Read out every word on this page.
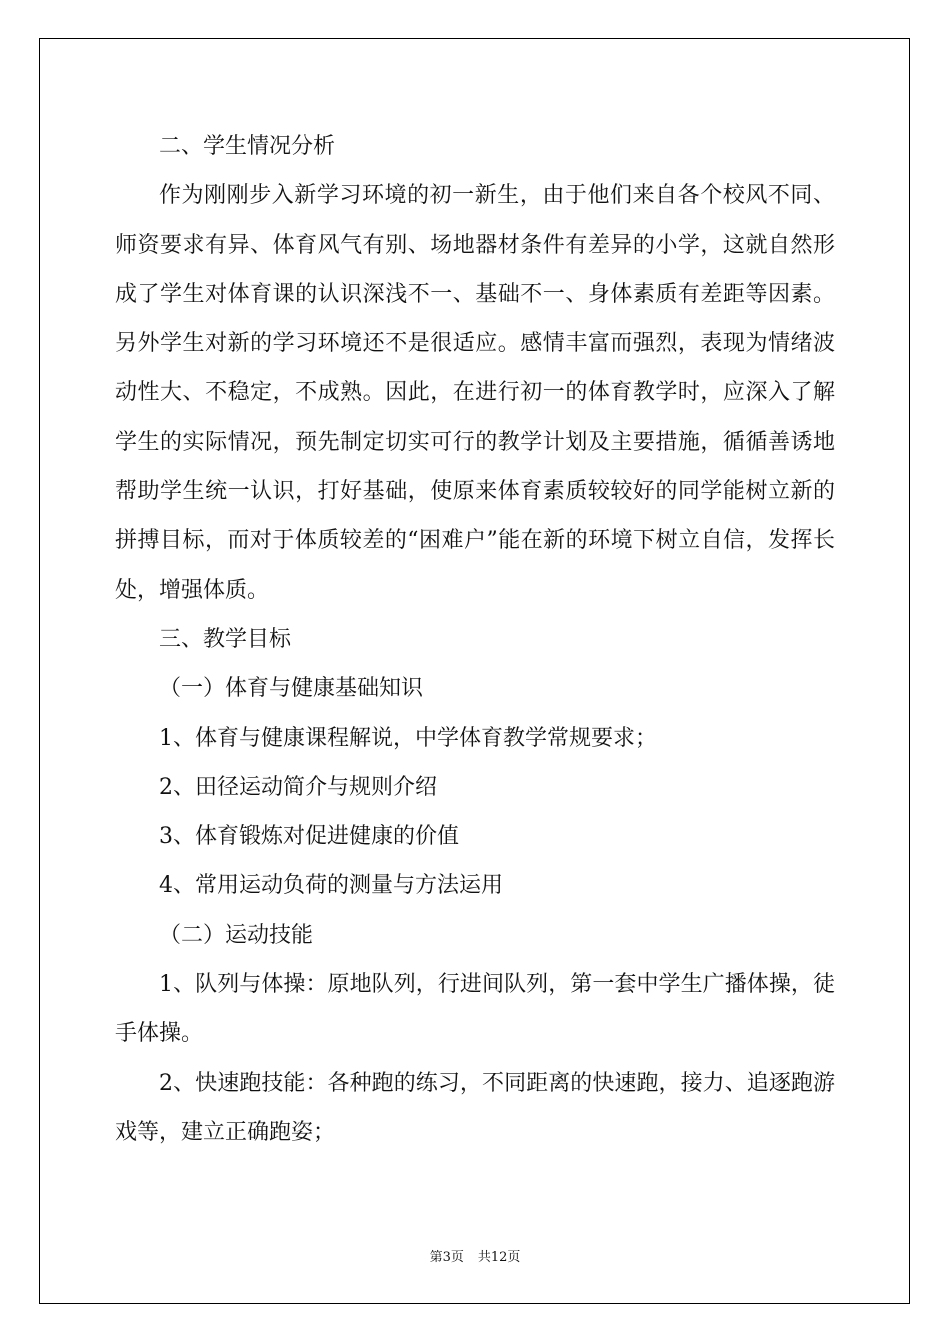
二、学生情况分析

作为刚刚步入新学习环境的初一新生，由于他们来自各个校风不同、师资要求有异、体育风气有别、场地器材条件有差异的小学，这就自然形成了学生对体育课的认识深浅不一、基础不一、身体素质有差距等因素。另外学生对新的学习环境还不是很适应。感情丰富而强烈，表现为情绪波动性大、不稳定，不成熟。因此，在进行初一的体育教学时，应深入了解学生的实际情况，预先制定切实可行的教学计划及主要措施，循循善诱地帮助学生统一认识，打好基础，使原来体育素质较较好的同学能树立新的拼搏目标，而对于体质较差的“困难户”能在新的环境下树立自信，发挥长处，增强体质。

三、教学目标

（一）体育与健康基础知识

1、体育与健康课程解说，中学体育教学常规要求；

2、田径运动简介与规则介绍

3、体育锻炼对促进健康的价值

4、常用运动负荷的测量与方法运用

（二）运动技能

1、队列与体操：原地队列，行进间队列，第一套中学生广播体操，徒手体操。

2、快速跑技能：各种跑的练习，不同距离的快速跑，接力、追逐跑游戏等，建立正确跑姿；

第3页 共12页
